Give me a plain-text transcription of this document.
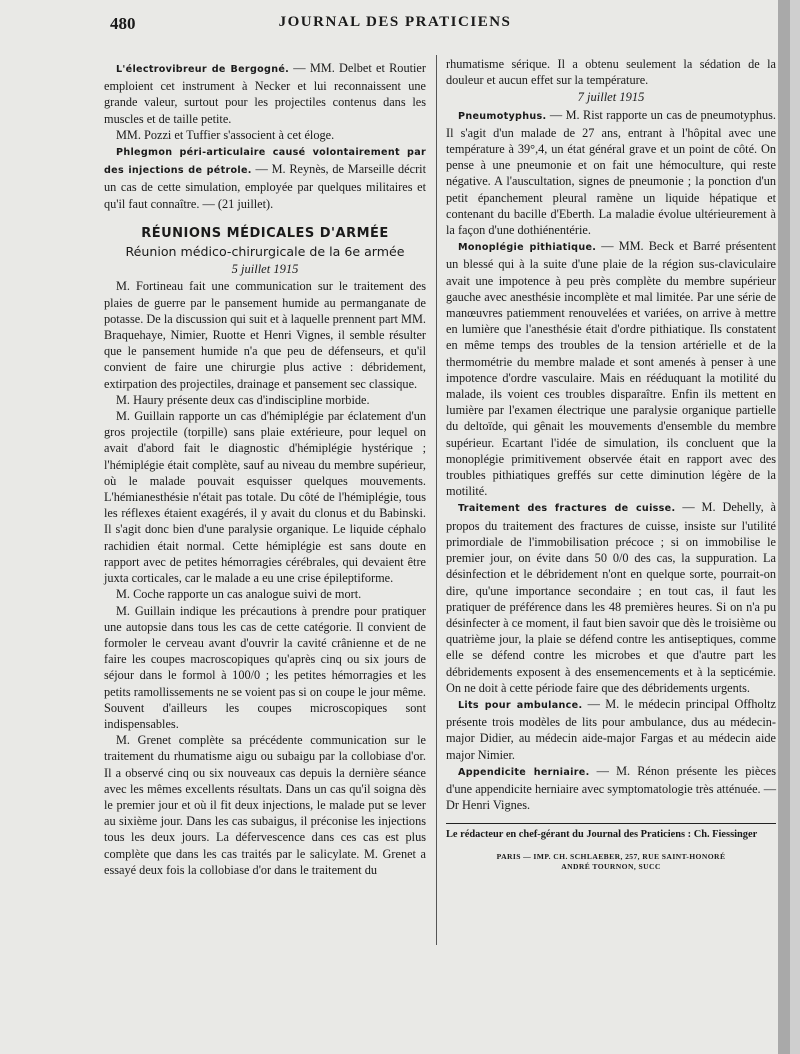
480	JOURNAL DES PRATICIENS

L'électrovibreur de Bergogné. — MM. Delbet et Routier emploient cet instrument à Necker et lui reconnaissent une grande valeur, surtout pour les projectiles contenus dans les muscles et de taille petite.

MM. Pozzi et Tuffier s'associent à cet éloge.

Phlegmon péri-articulaire causé volontairement par des injections de pétrole. — M. Reynès, de Marseille décrit un cas de cette simulation, employée par quelques militaires et qu'il faut connaître. — (21 juillet).

RÉUNIONS MÉDICALES D'ARMÉE
Réunion médico-chirurgicale de la 6e armée

5 juillet 1915

M. Fortineau fait une communication sur le traitement des plaies de guerre par le pansement humide au permanganate de potasse. De la discussion qui suit et à laquelle prennent part MM. Braquehaye, Nimier, Ruotte et Henri Vignes, il semble résulter que le pansement humide n'a que peu de défenseurs, et qu'il convient de faire une chirurgie plus active : débridement, extirpation des projectiles, drainage et pansement sec classique.

M. Haury présente deux cas d'indiscipline morbide.

M. Guillain rapporte un cas d'hémiplégie par éclatement d'un gros projectile (torpille) sans plaie extérieure, pour lequel on avait d'abord fait le diagnostic d'hémiplégie hystérique ; l'hémiplégie était complète, sauf au niveau du membre supérieur, où le malade pouvait esquisser quelques mouvements. L'hémianesthésie n'était pas totale. Du côté de l'hémiplégie, tous les réflexes étaient exagérés, il y avait du clonus et du Babinski. Il s'agit donc bien d'une paralysie organique. Le liquide céphalo rachidien était normal. Cette hémiplégie est sans doute en rapport avec de petites hémorragies cérébrales, qui devaient être juxta corticales, car le malade a eu une crise épileptiforme.

M. Coche rapporte un cas analogue suivi de mort.

M. Guillain indique les précautions à prendre pour pratiquer une autopsie dans tous les cas de cette catégorie. Il convient de formoler le cerveau avant d'ouvrir la cavité crânienne et de ne faire les coupes macroscopiques qu'après cinq ou six jours de séjour dans le formol à 100/0 ; les petites hémorragies et les petits ramollissements ne se voient pas si on coupe le jour même. Souvent d'ailleurs les coupes microscopiques sont indispensables.

M. Grenet complète sa précédente communication sur le traitement du rhumatisme aigu ou subaigu par la collobiase d'or. Il a observé cinq ou six nouveaux cas depuis la dernière séance avec les mêmes excellents résultats. Dans un cas qu'il soigna dès le premier jour et où il fit deux injections, le malade put se lever au sixième jour. Dans les cas subaigus, il préconise les injections tous les deux jours. La défervescence dans ces cas est plus complète que dans les cas traités par le salicylate. M. Grenet a essayé deux fois la collobiase d'or dans le traitement du

rhumatisme sérique. Il a obtenu seulement la sédation de la douleur et aucun effet sur la température.

7 juillet 1915

Pneumotyphus. — M. Rist rapporte un cas de pneumotyphus. Il s'agit d'un malade de 27 ans, entrant à l'hôpital avec une température à 39°,4, un état général grave et un point de côté. On pense à une pneumonie et on fait une hémoculture, qui reste négative. A l'auscultation, signes de pneumonie ; la ponction d'un petit épanchement pleural ramène un liquide hépatique et contenant du bacille d'Eberth. La maladie évolue ultérieurement à la façon d'une dothiénentérie.

Monoplégie pithiatique. — MM. Beck et Barré présentent un blessé qui à la suite d'une plaie de la région sus-claviculaire avait une impotence à peu près complète du membre supérieur gauche avec anesthésie incomplète et mal limitée. Par une série de manœuvres patiemment renouvelées et variées, on arrive à mettre en lumière que l'anesthésie était d'ordre pithiatique. Ils constatent en même temps des troubles de la tension artérielle et de la thermométrie du membre malade et sont amenés à penser à une impotence d'ordre vasculaire. Mais en rééduquant la motilité du malade, ils voient ces troubles disparaître. Enfin ils mettent en lumière par l'examen électrique une paralysie organique partielle du deltoïde, qui gênait les mouvements d'ensemble du membre supérieur. Ecartant l'idée de simulation, ils concluent que la monoplégie primitivement observée était en rapport avec des troubles pithiatiques greffés sur cette diminution légère de la motilité.

Traitement des fractures de cuisse. — M. Dehelly, à propos du traitement des fractures de cuisse, insiste sur l'utilité primordiale de l'immobilisation précoce ; si on immobilise le premier jour, on évite dans 50 0/0 des cas, la suppuration. La désinfection et le débridement n'ont en quelque sorte, pourrait-on dire, qu'une importance secondaire ; en tout cas, il faut les pratiquer de préférence dans les 48 premières heures. Si on n'a pu désinfecter à ce moment, il faut bien savoir que dès le troisième ou quatrième jour, la plaie se défend contre les antiseptiques, comme elle se défend contre les microbes et que d'autre part les débridements exposent à des ensemencements et à la septicémie. On ne doit à cette période faire que des débridements urgents.

Lits pour ambulance. — M. le médecin principal Offholtz présente trois modèles de lits pour ambulance, dus au médecin-major Didier, au médecin aide-major Fargas et au médecin aide major Nimier.

Appendicite herniaire. — M. Rénon présente les pièces d'une appendicite herniaire avec symptomatologie très atténuée. — Dr Henri Vignes.

Le rédacteur en chef-gérant du Journal des Praticiens : Ch. Fiessinger

PARIS — IMP. CH. SCHLAEBER, 257, RUE SAINT-HONORÉ
ANDRÉ TOURNON, SUCC
